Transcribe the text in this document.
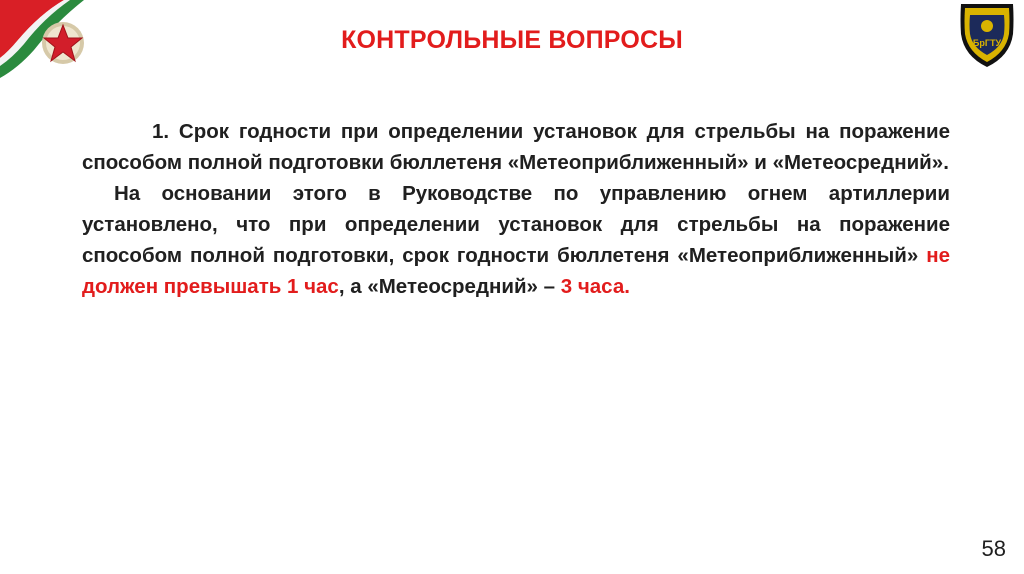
КОНТРОЛЬНЫЕ ВОПРОСЫ	БрГТУ

1. Срок годности при определении установок для стрельбы на поражение способом полной подготовки бюллетеня «Метеоприближенный» и «Метеосредний».

На основании этого в Руководстве по управлению огнем артиллерии установлено, что при определении установок для стрельбы на поражение способом полной подготовки, срок годности бюллетеня «Метеоприближенный» не должен превышать 1 час, а «Метеосредний» – 3 часа.

58
